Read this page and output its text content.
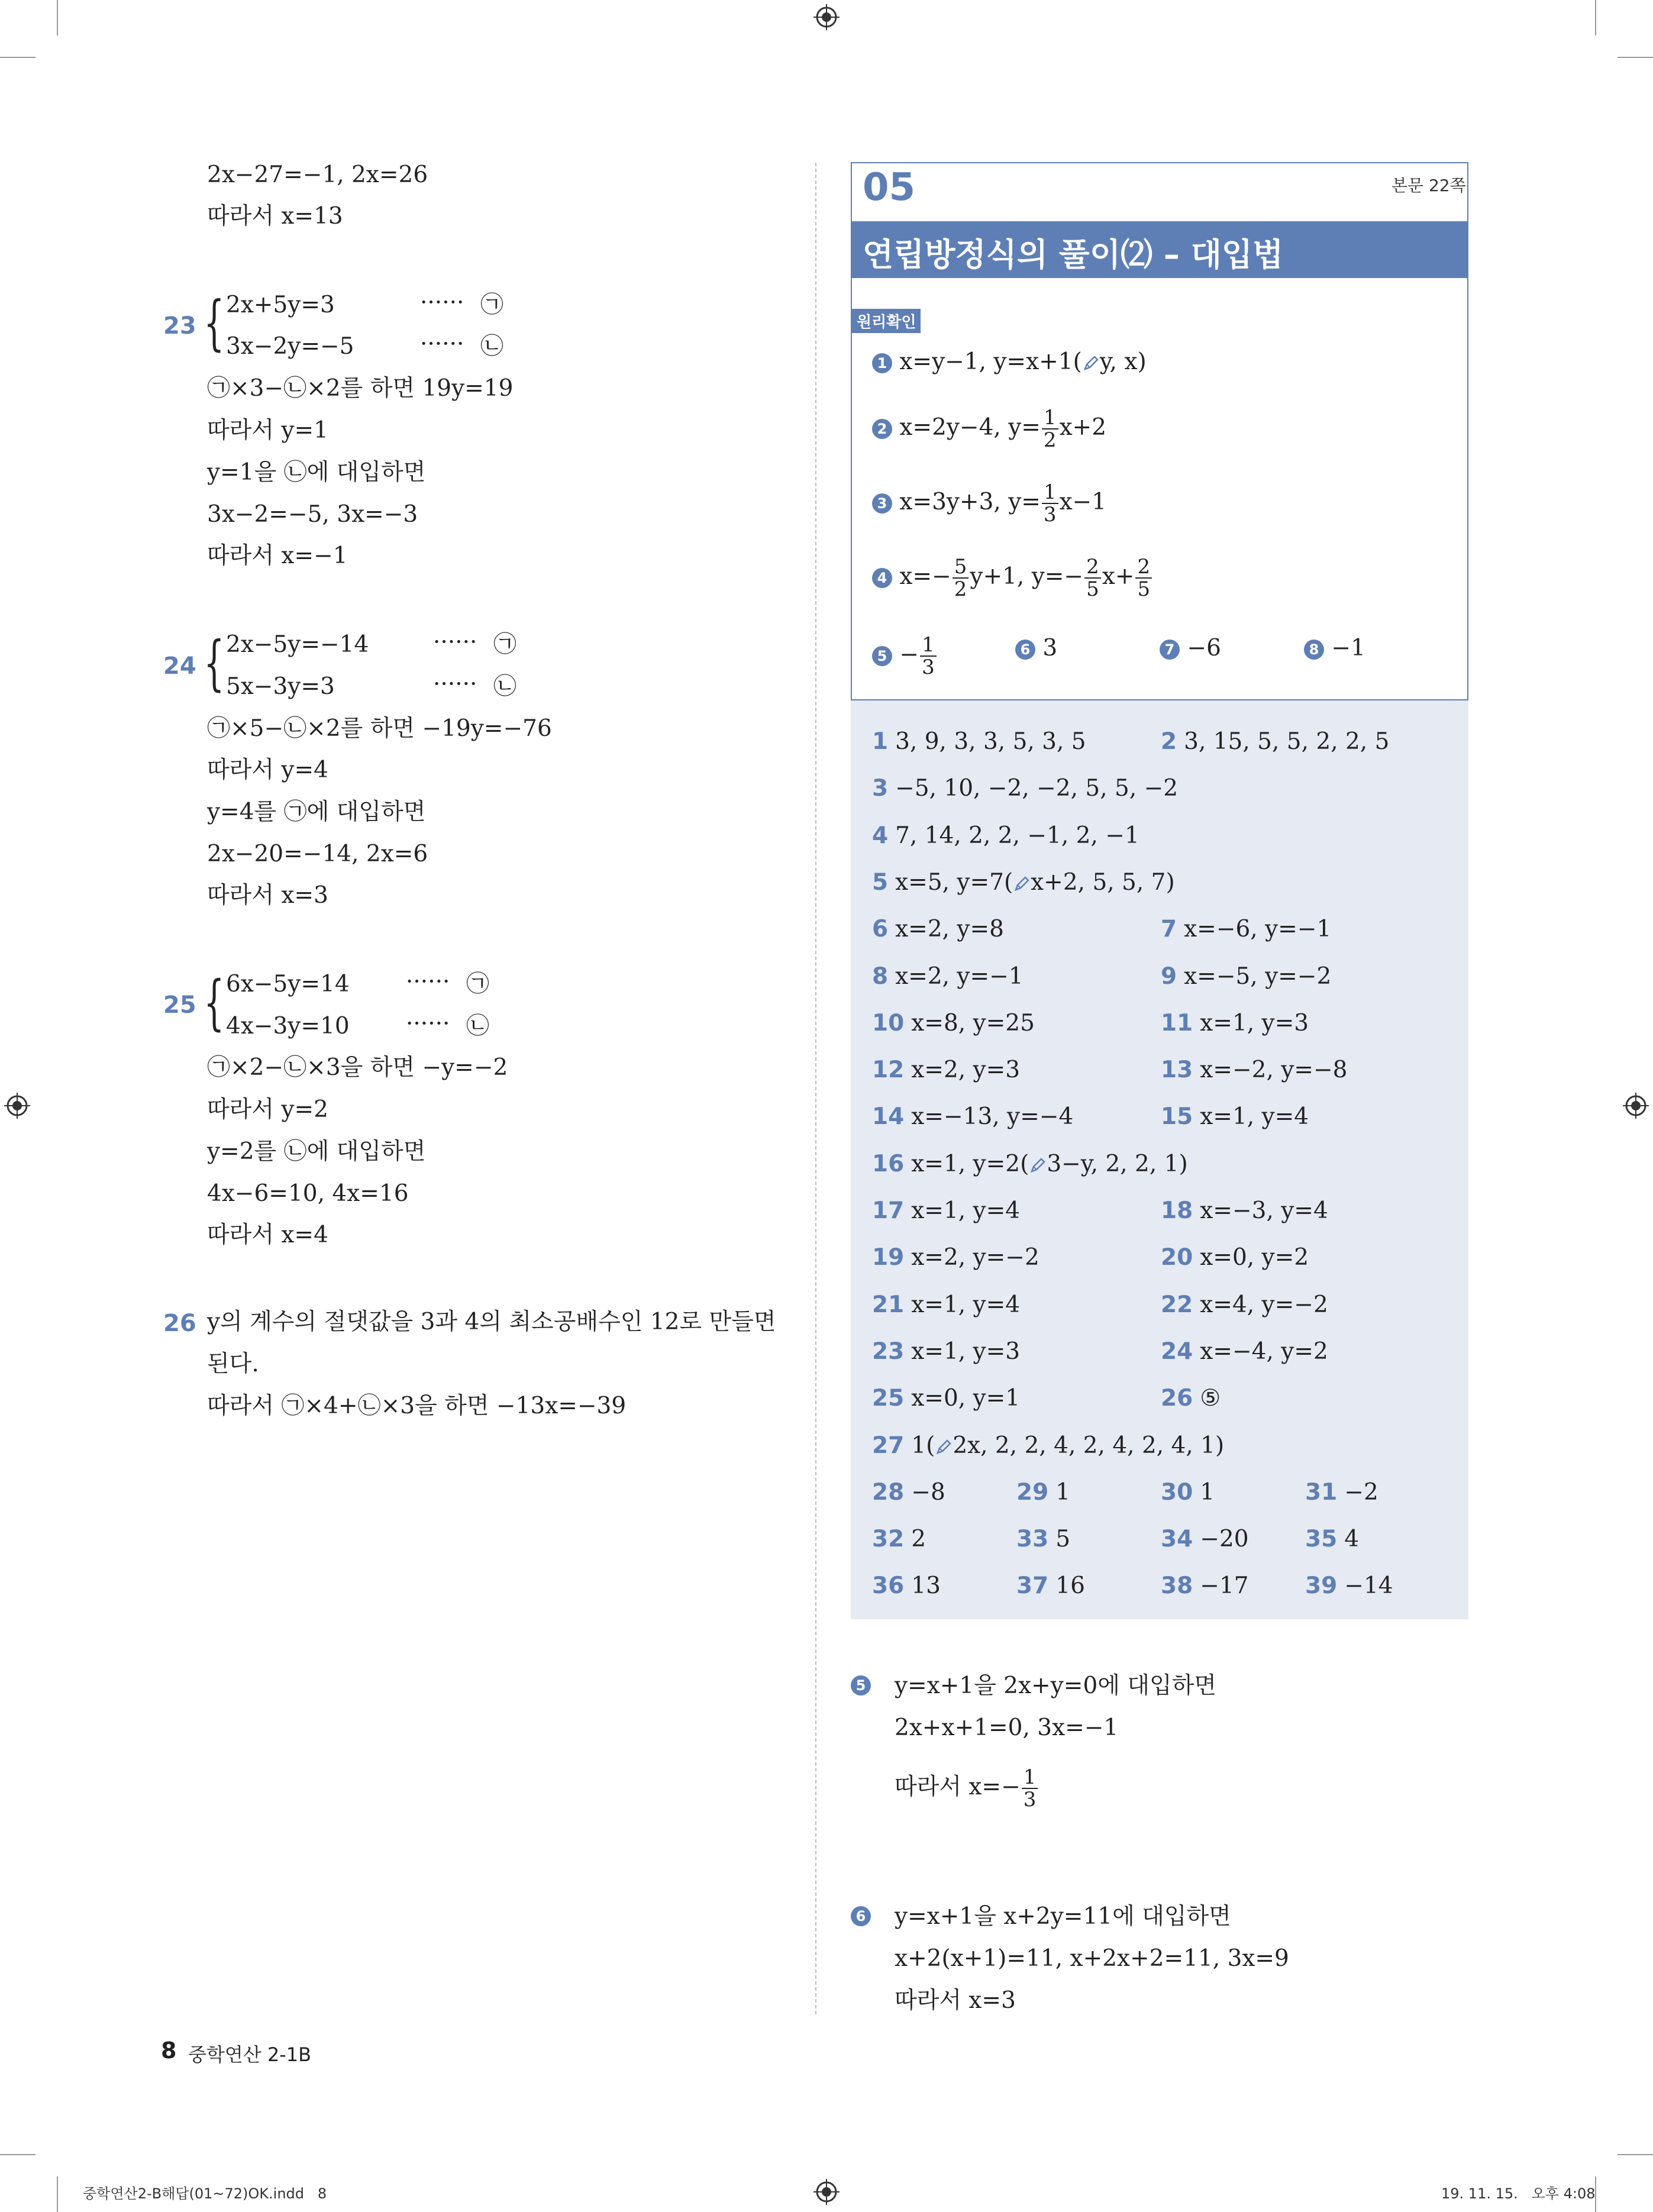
2x−27=−1, 2x=26
따라서 x=13
23 { 2x+5y=3	······ ㉠
3x−2y=−5	······ ㉡
㉠×3−㉡×2를 하면 19y=19
따라서 y=1
y=1을 ㉡에 대입하면
3x−2=−5, 3x=−3
따라서 x=−1
24 { 2x−5y=−14	······ ㉠
5x−3y=3	······ ㉡
㉠×5−㉡×2를 하면 −19y=−76
따라서 y=4
y=4를 ㉠에 대입하면
2x−20=−14, 2x=6
따라서 x=3
25 { 6x−5y=14 ······ ㉠
4x−3y=10 ······ ㉡
㉠×2−㉡×3을 하면 −y=−2
따라서 y=2
y=2를 ㉡에 대입하면
4x−6=10, 4x=16
따라서 x=4
26 y의 계수의 절댓값을 3과 4의 최소공배수인 12로 만들면
된다.
따라서 ㉠×4+㉡×3을 하면 −13x=−39
05	본문 22쪽
연립방정식의 풀이⑵ – 대입법
원리확인
1 x=y−1, y=x+1( y, x)
2 x=2y−4, $y= \frac{1}{2} x+2$
3 x=3y+3, $y= \frac{1}{3} x-1$
4 $x=- \frac{5}{2} y+1$, $y=- \frac{2}{5} x+ \frac{2}{5}$
$5 - \frac{1}{3}$	6 3	7 −6	8 −1
1 3, 9, 3, 3, 5, 3, 5	2 3, 15, 5, 5, 2, 2, 5
3 −5, 10, −2, −2, 5, 5, −2
4 7, 14, 2, 2, −1, 2, −1
5 x=5, y=7( x+2, 5, 5, 7)
6 x=2, y=8	7 x=−6, y=−1
8 x=2, y=−1	9 x=−5, y=−2
10 x=8, y=25	11 x=1, y=3
12 x=2, y=3	13 x=−2, y=−8
14 x=−13, y=−4	15 x=1, y=4
16 x=1, y=2( 3−y, 2, 2, 1)
17 x=1, y=4	18 x=−3, y=4
19 x=2, y=−2	20 x=0, y=2
21 x=1, y=4	22 x=4, y=−2
23 x=1, y=3	24 x=−4, y=2
25 x=0, y=1	26 ⑤
27 1( 2x, 2, 2, 4, 2, 4, 2, 4, 1)
28 −8	29 1	30 1	31 −2
32 2	33 5	34 −20 35 4
36 13	37 16	38 −17 39 −14
5 y=x+1을 2x+y=0에 대입하면
2x+x+1=0, 3x=−1
따라서 $x=- \frac{1}{3}$
6 y=x+1을 x+2y=11에 대입하면
x+2(x+1)=11, x+2x+2=11, 3x=9
따라서 x=3
8 중학연산 2-1B
중학연산2-B해답(01~72)OK.indd   8	19. 11. 15.   오후 4:08
